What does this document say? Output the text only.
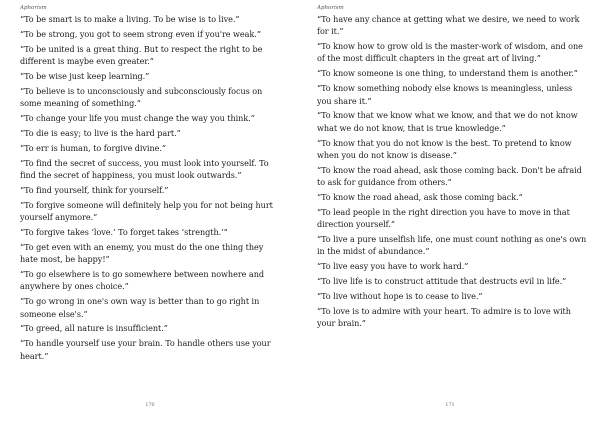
Aphorism
“To be smart is to make a living. To be wise is to live.”
“To be strong, you got to seem strong even if you're weak.”
“To be united is a great thing. But to respect the right to be different is maybe even greater.”
“To be wise just keep learning.”
“To believe is to unconsciously and subconsciously focus on some meaning of something.”
“To change your life you must change the way you think.”
“To die is easy; to live is the hard part.”
“To err is human, to forgive divine.”
“To find the secret of success, you must look into yourself. To find the secret of happiness, you must look outwards.”
“To find yourself, think for yourself.”
“To forgive someone will definitely help you for not being hurt yourself anymore.”
“To forgive takes ‘love.’ To forget takes ‘strength.’”
“To get even with an enemy, you must do the one thing they hate most, be happy!”
“To go elsewhere is to go somewhere between nowhere and anywhere by ones choice.”
“To go wrong in one's own way is better than to go right in someone else's.”
“To greed, all nature is insufficient.”
“To handle yourself use your brain. To handle others use your heart.”
170
Aphorism
“To have any chance at getting what we desire, we need to work for it.”
“To know how to grow old is the master-work of wisdom, and one of the most difficult chapters in the great art of living.”
“To know someone is one thing, to understand them is another.”
“To know something nobody else knows is meaningless, unless you share it.”
“To know that we know what we know, and that we do not know what we do not know, that is true knowledge.”
“To know that you do not know is the best. To pretend to know when you do not know is disease.”
“To know the road ahead, ask those coming back. Don't be afraid to ask for guidance from others.”
“To know the road ahead, ask those coming back.”
“To lead people in the right direction you have to move in that direction yourself.”
“To live a pure unselfish life, one must count nothing as one's own in the midst of abundance.”
“To live easy you have to work hard.”
“To live life is to construct attitude that destructs evil in life.”
“To live without hope is to cease to live.”
“To love is to admire with your heart. To admire is to love with your brain.”
171
